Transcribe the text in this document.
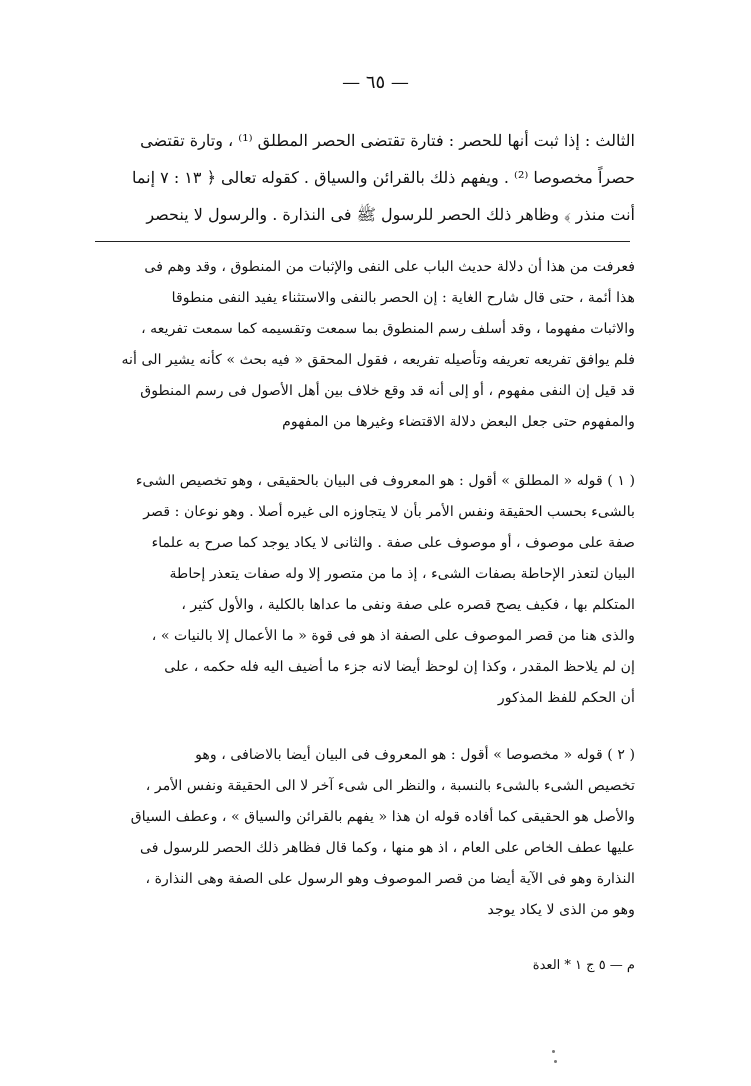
— ٦٥ —
الثالث : إذا ثبت أنها للحصر : فتارة تقتضى الحصر المطلق ⁽¹⁾ ، وتارة تقتضى
حصراً مخصوصا ⁽²⁾ . ويفهم ذلك بالقرائن والسياق . كقوله تعالى ﴿ ١٣ : ٧ إنما
أنت منذر ﴾ وظاهر ذلك الحصر للرسول ﷺ فى النذارة . والرسول لا ينحصر
فعرفت من هذا أن دلالة حديث الباب على النفى والإثبات من المنطوق ، وقد وهم فى
هذا أئمة ، حتى قال شارح الغاية : إن الحصر بالنفى والاستثناء يفيد النفى منطوقا
والاثبات مفهوما ، وقد أسلف رسم المنطوق بما سمعت وتقسيمه كما سمعت تفريعه ،
فلم يوافق تفريعه تعريفه وتأصيله تفريعه ، فقول المحقق « فيه بحث » كأنه يشير الى أنه
قد قيل إن النفى مفهوم ، أو إلى أنه قد وقع خلاف بين أهل الأصول فى رسم المنطوق
والمفهوم حتى جعل البعض دلالة الاقتضاء وغيرها من المفهوم
( ١ ) قوله « المطلق » أقول : هو المعروف فى البيان بالحقيقى ، وهو تخصيص الشىء
بالشىء بحسب الحقيقة ونفس الأمر بأن لا يتجاوزه الى غيره أصلا . وهو نوعان : قصر
صفة على موصوف ، أو موصوف على صفة . والثانى لا يكاد يوجد كما صرح به علماء
البيان لتعذر الإحاطة بصفات الشىء ، إذ ما من متصور إلا وله صفات يتعذر إحاطة
المتكلم بها ، فكيف يصح قصره على صفة ونفى ما عداها بالكلية ، والأول كثير ،
والذى هنا من قصر الموصوف على الصفة اذ هو فى قوة « ما الأعمال إلا بالنيات » ،
إن لم يلاحظ المقدر ، وكذا إن لوحظ أيضا لانه جزء ما أضيف اليه فله حكمه ، على
أن الحكم للفظ المذكور
( ٢ ) قوله « مخصوصا » أقول : هو المعروف فى البيان أيضا بالاضافى ، وهو
تخصيص الشىء بالشىء بالنسبة ، والنظر الى شىء آخر لا الى الحقيقة ونفس الأمر ،
والأصل هو الحقيقى كما أفاده قوله ان هذا « يفهم بالقرائن والسياق » ، وعطف السياق
عليها عطف الخاص على العام ، اذ هو منها ، وكما قال فظاهر ذلك الحصر للرسول فى
النذارة وهو فى الآية أيضا من قصر الموصوف وهو الرسول على الصفة وهى النذارة ،
وهو من الذى لا يكاد يوجد
م — ٥ ج ١ * العدة
